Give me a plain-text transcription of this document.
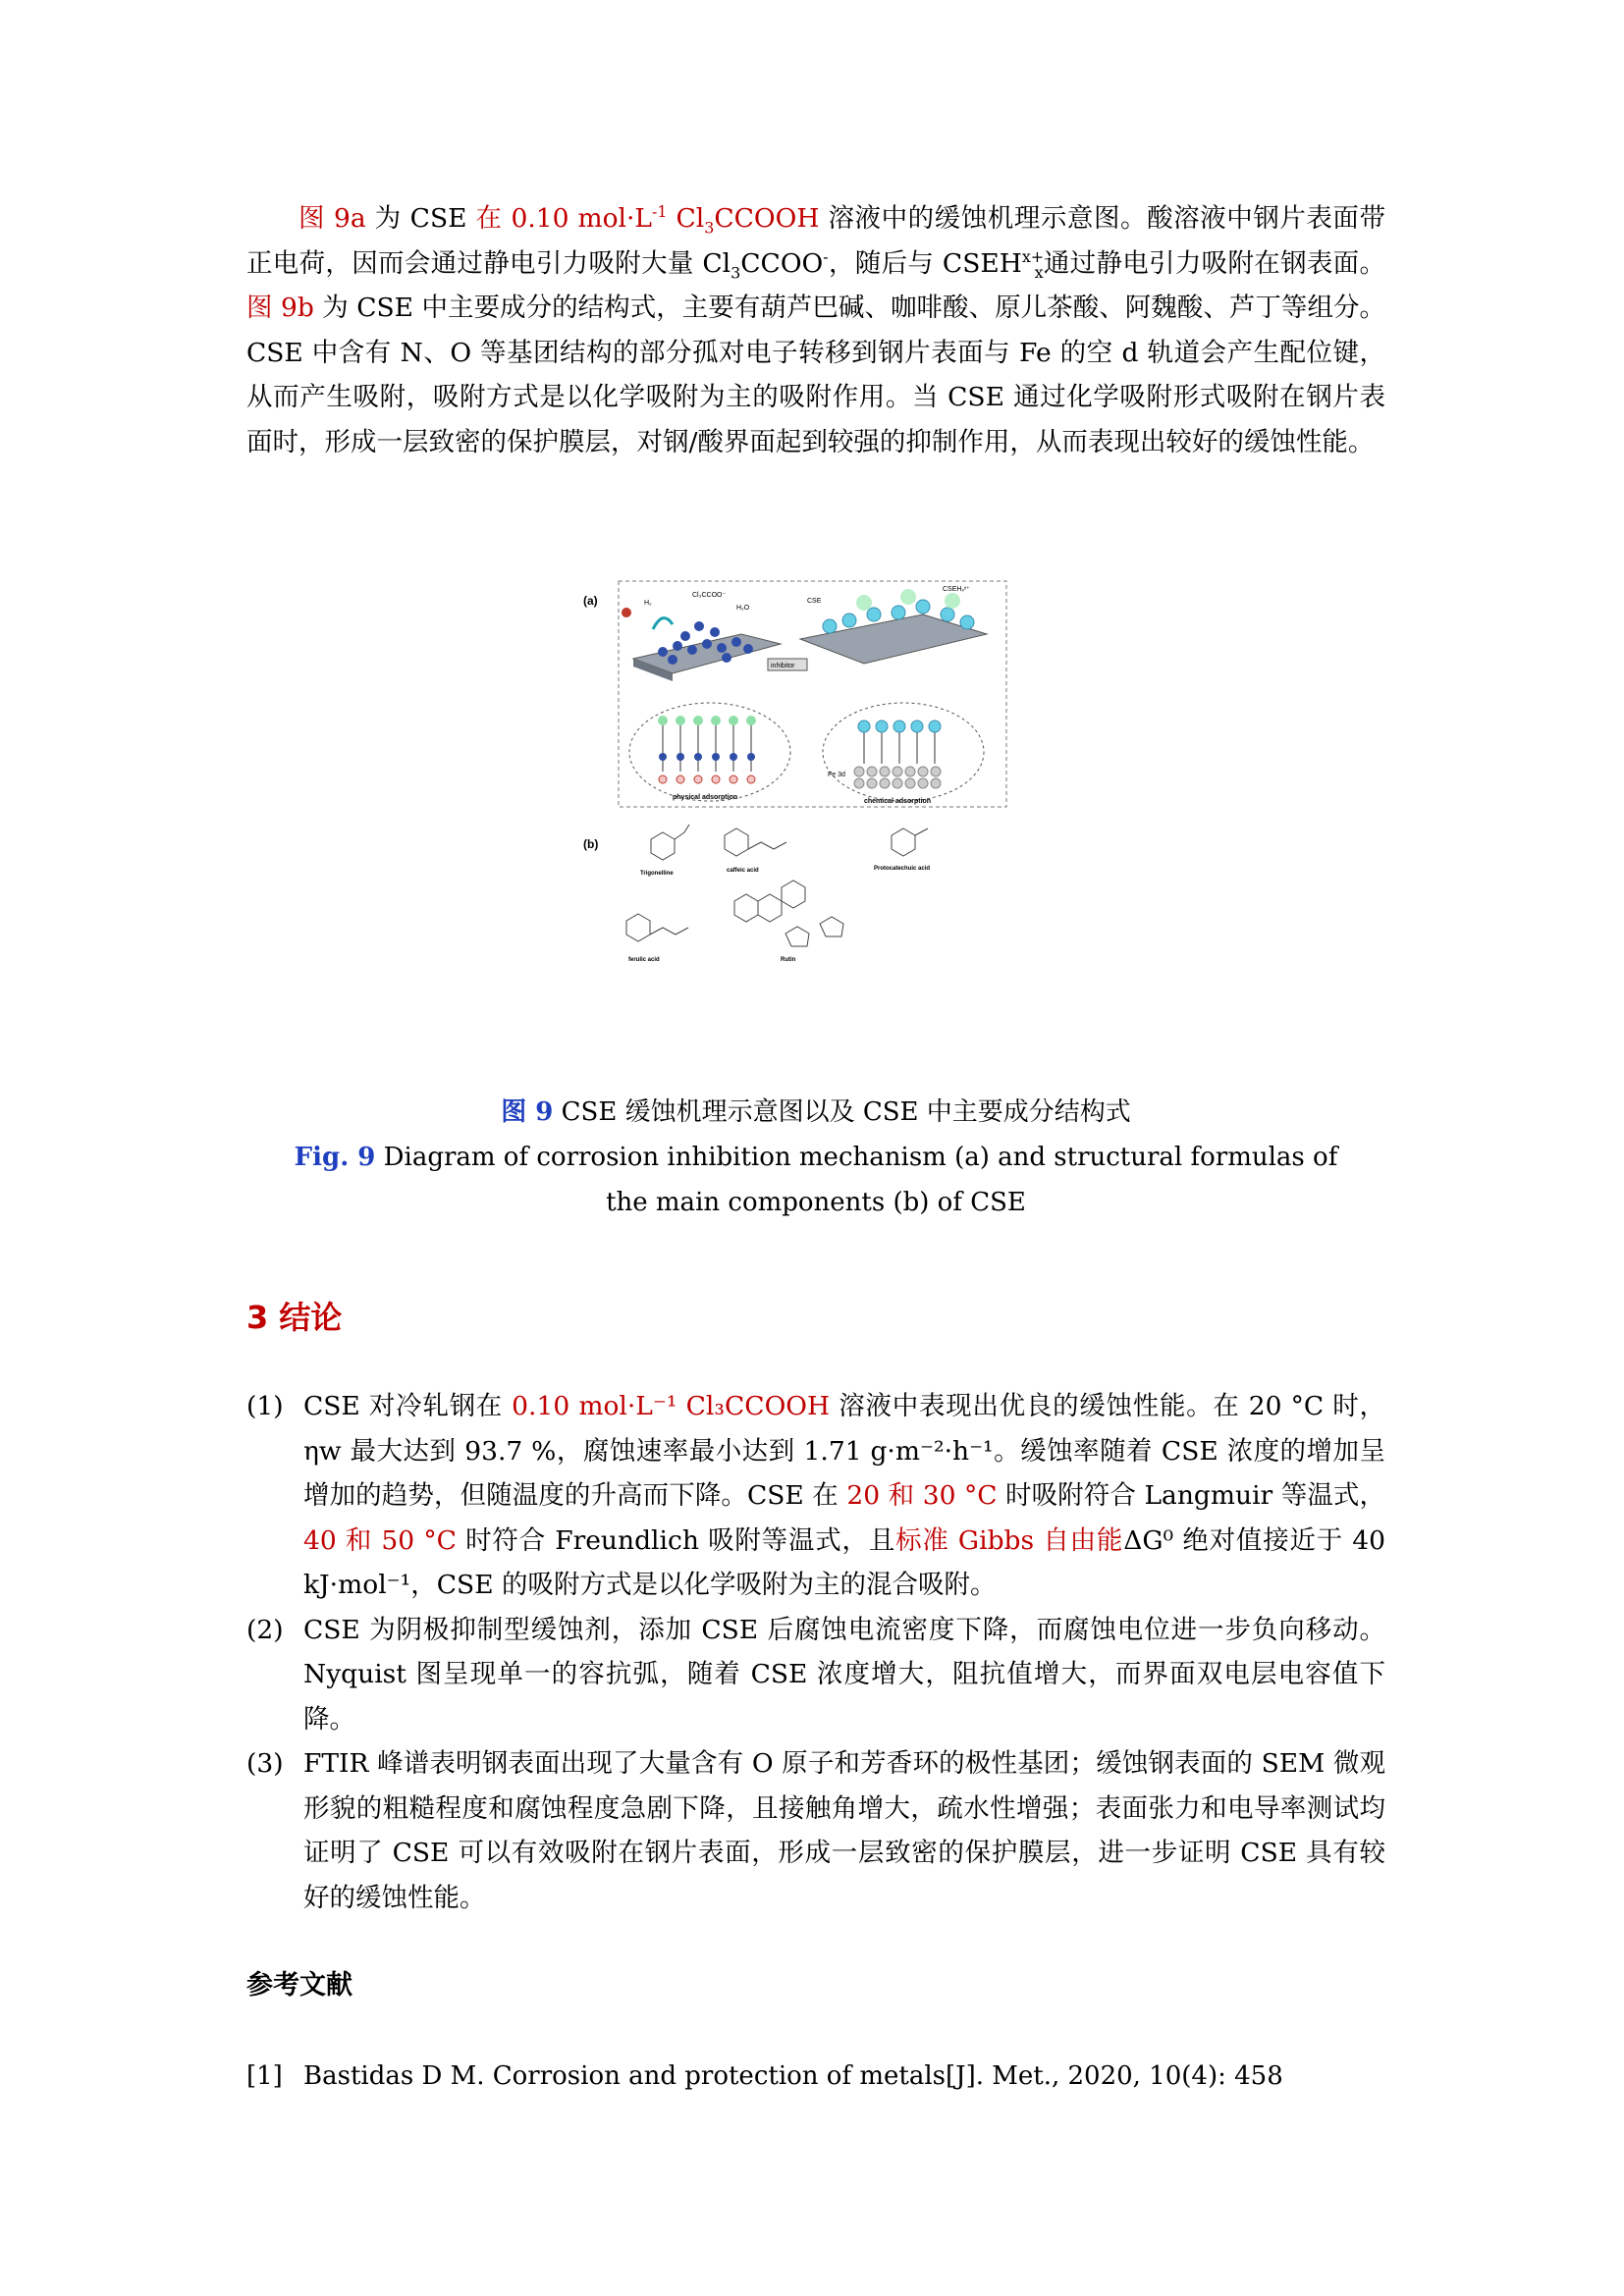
图 9a 为 CSE 在 0.10 $mol\cdot L^{-1}$ $Cl_3CCOOH$ 溶液中的缓蚀机理示意图。酸溶液中钢片表面带正电荷，因而会通过静电引力吸附大量 $Cl_3CCOO^-$，随后与 $CSEH^{x+}_x$通过静电引力吸附在钢表面。图 9b 为 CSE 中主要成分的结构式，主要有葫芦巴碱、咖啡酸、原儿茶酸、阿魏酸、芦丁等组分。CSE 中含有 N、O 等基团结构的部分孤对电子转移到钢片表面与 Fe 的空 d 轨道会产生配位键，从而产生吸附，吸附方式是以化学吸附为主的吸附作用。当 CSE 通过化学吸附形式吸附在钢片表面时，形成一层致密的保护膜层，对钢/酸界面起到较强的抑制作用，从而表现出较好的缓蚀性能。
(a)	H₂
Cl₃CCOO⁻
H₂O
inhibitor
CSE
CSEHₓˣ⁺
Fe 3d
physical adsorption
chemical adsorption
(b)
Trigonelline	caffeic acid	Protocatechuic acid
ferulic acid	Rutin
图 9 CSE 缓蚀机理示意图以及 CSE 中主要成分结构式
Fig. 9 Diagram of corrosion inhibition mechanism (a) and structural formulas of the main components (b) of CSE
3 结论
(1) CSE 对冷轧钢在 0.10 mol·L⁻¹ Cl₃CCOOH 溶液中表现出优良的缓蚀性能。在 20 °C 时，ηw 最大达到 93.7 %，腐蚀速率最小达到 1.71 g·m⁻²·h⁻¹。缓蚀率随着 CSE 浓度的增加呈增加的趋势，但随温度的升高而下降。CSE 在 20 和 30 °C 时吸附符合 Langmuir 等温式，40 和 50 °C 时符合 Freundlich 吸附等温式，且标准 Gibbs 自由能ΔG⁰ 绝对值接近于 40 kJ·mol⁻¹，CSE 的吸附方式是以化学吸附为主的混合吸附。
(2) CSE 为阴极抑制型缓蚀剂，添加 CSE 后腐蚀电流密度下降，而腐蚀电位进一步负向移动。Nyquist 图呈现单一的容抗弧，随着 CSE 浓度增大，阻抗值增大，而界面双电层电容值下降。
(3) FTIR 峰谱表明钢表面出现了大量含有 O 原子和芳香环的极性基团；缓蚀钢表面的 SEM 微观形貌的粗糙程度和腐蚀程度急剧下降，且接触角增大，疏水性增强；表面张力和电导率测试均证明了 CSE 可以有效吸附在钢片表面，形成一层致密的保护膜层，进一步证明 CSE 具有较好的缓蚀性能。
参考文献
[1] Bastidas D M. Corrosion and protection of metals[J]. Met., 2020, 10(4): 458
